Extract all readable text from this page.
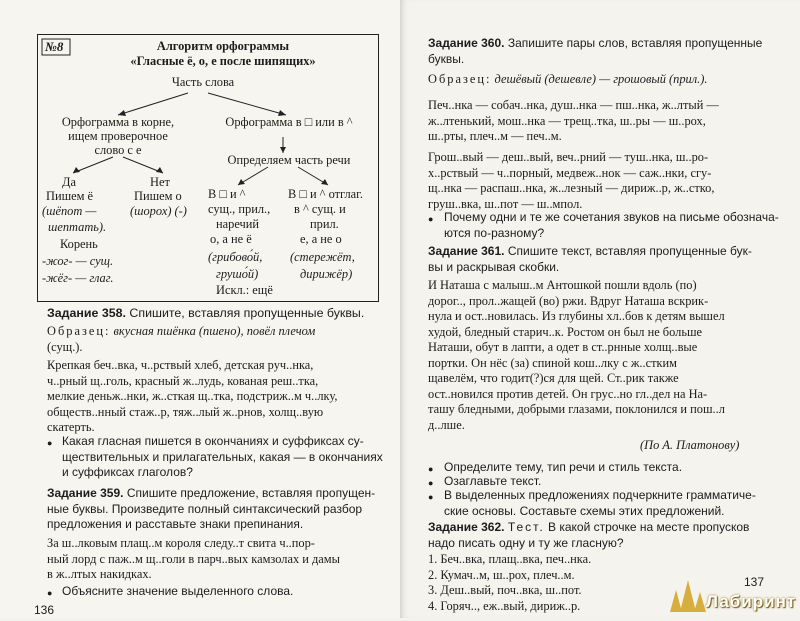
№8	Алгоритм орфограммы
«Гласные ё, о, е после шипящих»
Часть слова
Орфограмма в корне,
ищем проверочное
слово с е
Орфограмма в □ или в ^
Да	Нет
Пишем ё	Пишем о
(шёпот —
шептать).
(шорох) (-)
Корень
-жог- — сущ.
-жёг- — глаг.
Определяем часть речи
В □ и ^
сущ., прил.,
наречий
о, а не ё
(грибово́й,
грушо́й)
Искл.: ещё
В □ и ^ отглаг.
в ^ сущ. и
прил.
е, а не о
(стережёт,
дирижёр)
Задание 358. Спишите, вставляя пропущенные буквы.
Образец: вкусная пшёнка (пшено), повёл плечом
(сущ.).
Крепкая беч..вка, ч..рствый хлеб, детская руч..нка,
ч..рный щ..голь, красный ж..лудь, кованая реш..тка,
мелкие деньж..нки, ж..сткая щ..тка, подстриж..м ч..лку,
обществ..нный стаж..р, тяж..лый ж..рнов, холщ..вую
скатерть.
● Какая гласная пишется в окончаниях и суффиксах су-
ществительных и прилагательных, какая — в окончаниях
и суффиксах глаголов?
Задание 359. Спишите предложение, вставляя пропущен-
ные буквы. Произведите полный синтаксический разбор
предложения и расставьте знаки препинания.
За ш..лковым плащ..м короля следу..т свита ч..пор-
ный лорд с паж..м щ..голи в парч..вых камзолах и дамы
в ж..лтых накидках.
● Объясните значение выделенного слова.
136
Задание 360. Запишите пары слов, вставляя пропущенные
буквы.
Образец: дешёвый (дешевле) — грошовый (прил.).
Печ..нка — собач..нка, душ..нка — пш..нка, ж..лтый —
ж..лтенький, мош..нка — трещ..тка, ш..ры — ш..рох,
ш..рты, плеч..м — печ..м.
Грош..вый — деш..вый, веч..рний — туш..нка, ш..ро-
х..рствый — ч..порный, медвеж..нок — саж..нки, сгу-
щ..нка — распаш..нка, ж..лезный — дириж..р, ж..стко,
груш..вка, ш..пот — ш..мпол.
● Почему одни и те же сочетания звуков на письме обознача-
ются по-разному?
Задание 361. Спишите текст, вставляя пропущенные бук-
вы и раскрывая скобки.
И Наташа с малыш..м Антошкой пошли вдоль (по)
дорог.., прол..жащей (во) ржи. Вдруг Наташа вскрик-
нула и ост..новилась. Из глубины хл..бов к детям вышел
худой, бледный старич..к. Ростом он был не больше
Наташи, обут в лапти, а одет в ст..рнные холщ..вые
портки. Он нёс (за) спиной кош..лку с ж..стким
щавелём, что годит(?)ся для щей. Ст..рик также
ост..новился против детей. Он грус..но гл..дел на На-
ташу бледными, добрыми глазами, поклонился и пош..л
д..лше.
(По А. Платонову)
● Определите тему, тип речи и стиль текста.
● Озаглавьте текст.
● В выделенных предложениях подчеркните грамматиче-
ские основы. Составьте схемы этих предложений.
Задание 362. Тест. В какой строчке на месте пропусков
надо писать одну и ту же гласную?
1. Беч..вка, плащ..вка, печ..нка.
2. Кумач..м, ш..рох, плеч..м.
3. Деш..вый, поч..вка, ш..пот.
4. Горяч.., еж..вый, дириж..р.
137
Лабиринт
